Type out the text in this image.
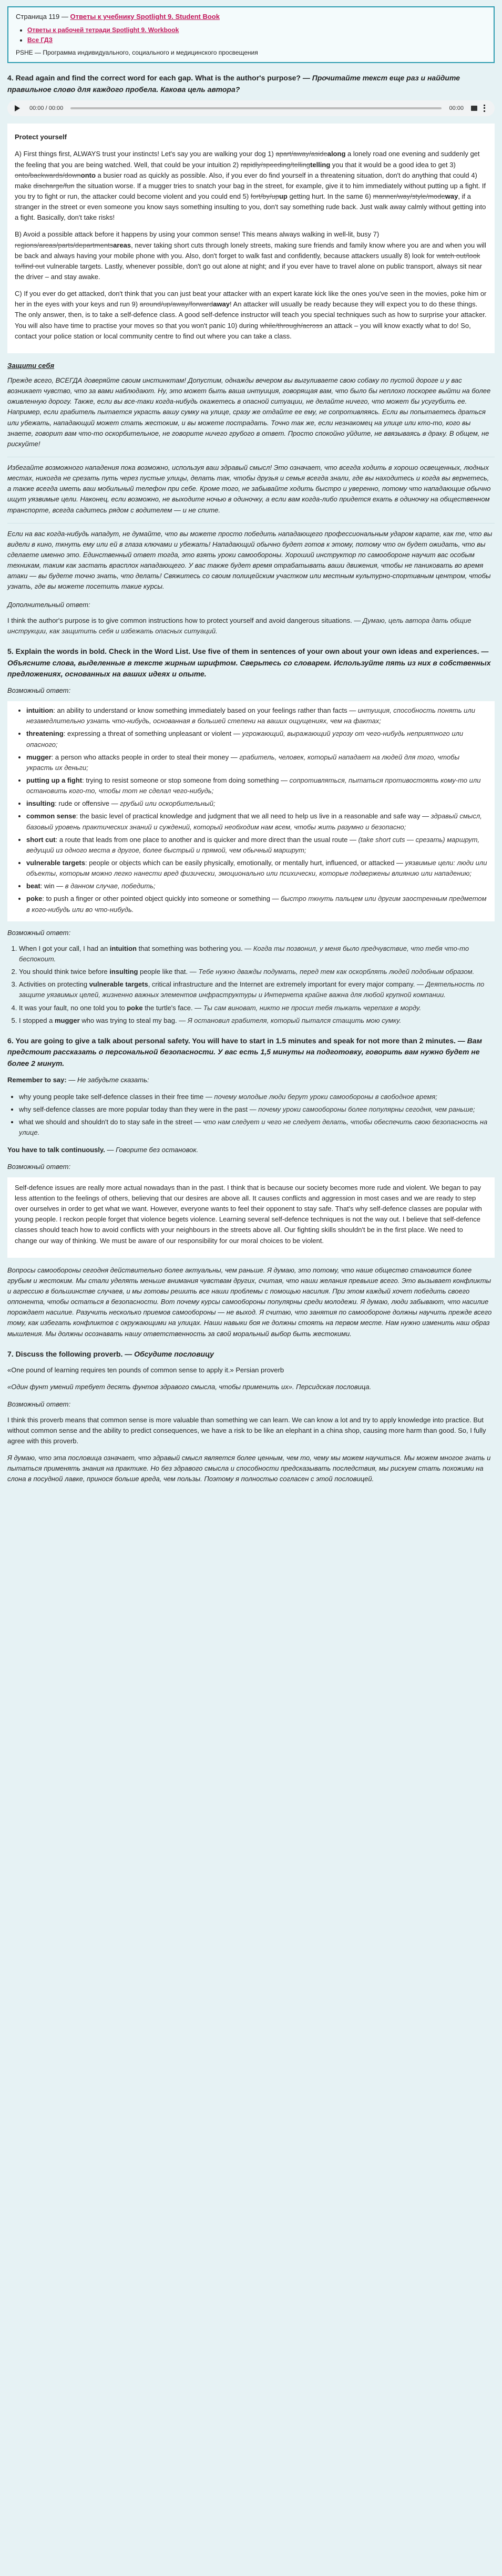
Страница 119 — Ответы к учебнику Spotlight 9. Student Book
• Ответы к рабочей тетради Spotlight 9. Workbook
• Все ГДЗ
PSHE — Программа индивидуального, социального и медицинского просвещения
4. Read again and find the correct word for each gap. What is the author's purpose? — Прочитайте текст еще раз и найдите правильное слово для каждого пробела. Какова цель автора?
00:00 / 00:00	00:00
Protect yourself

A) First things first, ALWAYS trust your instincts! Let's say you are walking your dog 1) apart/away/asidealong a lonely road one evening and suddenly get the feeling that you are being watched. Well, that could be your intuition 2) rapidly/speeding/tellingtelling you that it would be a good idea to get 3) onto/backwards/downonto a busier road as quickly as possible. Also, if you ever do find yourself in a threatening situation, don't do anything that could 4) make discharge/fun the situation worse. If a mugger tries to snatch your bag in the street, for example, give it to him immediately without putting up a fight. If you try to fight or run, the attacker could become violent and you could end 5) fort/by/upup getting hurt. In the same 6) manner/way/style/modeway, if a stranger in the street or even someone you know says something insulting to you, don't say something rude back. Just walk away calmly without getting into a fight. Basically, don't take risks!

B) Avoid a possible attack before it happens by using your common sense! This means always walking in well-lit, busy 7) regions/areas/parts/departmentsareas, never taking short cuts through lonely streets, making sure friends and family know where you are and when you will be back and always having your mobile phone with you. Also, don't forget to walk fast and confidently, because attackers usually 8) look for watch out/look to/find out vulnerable targets. Lastly, whenever possible, don't go out alone at night; and if you ever have to travel alone on public transport, always sit near the driver – and stay awake.

C) If you ever do get attacked, don't think that you can just beat your attacker with an expert karate kick like the ones you've seen in the movies, poke him or her in the eyes with your keys and run 9) around/up/away/forwardaway! An attacker will usually be ready because they will expect you to do these things. The only answer, then, is to take a self-defence class. A good self-defence instructor will teach you special techniques such as how to surprise your attacker. You will also have time to practise your moves so that you won't panic 10) during while/through/across an attack – you will know exactly what to do! So, contact your police station or local community centre to find out where you can take a class.

Защити себя

Прежде всего, ВСЕГДА доверяйте своим инстинктам! Допустим, однажды вечером вы выгуливаете свою собаку по пустой дороге и у вас возникает чувство, что за вами наблюдают. Ну, это может быть ваша интуиция, говорящая вам, что было бы неплохо поскорее выйти на более оживленную дорогу. Также, если вы все-таки когда-нибудь окажетесь в опасной ситуации, не делайте ничего, что может бы усугубить ее. Например, если грабитель пытается украсть вашу сумку на улице, сразу же отдайте ее ему, не сопротивляясь. Если вы попытаетесь драться или убежать, нападающий может стать жестоким, и вы можете пострадать. Точно так же, если незнакомец на улице или кто-то, кого вы знаете, говорит вам что-то оскорбительное, не говорите ничего грубого в ответ. Просто спокойно уйдите, не ввязываясь в драку. В общем, не рискуйте!

Избегайте возможного нападения пока возможно, используя ваш здравый смысл! Это означает, что всегда ходить в хорошо освещенных, людных местах, никогда не срезать путь через пустые улицы, делать так, чтобы друзья и семья всегда знали, где вы находитесь и когда вы вернетесь, а также всегда иметь ваш мобильный телефон при себе. Кроме того, не забывайте ходить быстро и уверенно, потому что нападающие обычно ищут уязвимые цели. Наконец, если возможно, не выходите ночью в одиночку, а если вам когда-либо придется ехать в одиночку на общественном транспорте, всегда садитесь рядом с водителем — и не спите.

Если на вас когда-нибудь нападут, не думайте, что вы можете просто победить нападающего профессиональным ударом карате, как те, что вы видели в кино, ткнуть ему или ей в глаза ключами и убежать! Нападающий обычно будет готов к этому, потому что он будет ожидать, что вы сделаете именно это. Единственный ответ тогда, это взять уроки самообороны. Хороший инструктор по самообороне научит вас особым техникам, таким как застать врасплох нападающего. У вас также будет время отрабатывать ваши движения, чтобы не паниковать во время атаки — вы будете точно знать, что делать! Свяжитесь со своим полицейским участком или местным культурно-спортивным центром, чтобы узнать, где вы можете посетить такие курсы.

Дополнительный ответ:

I think the author's purpose is to give common instructions how to protect yourself and avoid dangerous situations. — Думаю, цель автора дать общие инструкции, как защитить себя и избежать опасных ситуаций.

5. Explain the words in bold. Check in the Word List. Use five of them in sentences of your own about your own ideas and experiences. — Объясните слова, выделенные в тексте жирным шрифтом. Сверьтесь со словарем. Используйте пять из них в собственных предложениях, основанных на ваших идеях и опыте.

Возможный ответ:

• intuition: an ability to understand or know something immediately based on your feelings rather than facts — интуиция, способность понять или незамедлительно узнать что-нибудь, основанная в большей степени на ваших ощущениях, чем на фактах;
• threatening: expressing a threat of something unpleasant or violent — угрожающий, выражающий угрозу от чего-нибудь неприятного или опасного;
• mugger: a person who attacks people in order to steal their money — грабитель, человек, который нападает на людей для того, чтобы украсть их деньги;
• putting up a fight: trying to resist someone or stop someone from doing something — сопротивляться, пытаться противостоять кому-то или остановить кого-то, чтобы тот не сделал чего-нибудь;
• insulting: rude or offensive — грубый или оскорбительный;
• common sense: the basic level of practical knowledge and judgment that we all need to help us live in a reasonable and safe way — здравый смысл, базовый уровень практических знаний и суждений, который необходим нам всем, чтобы жить разумно и безопасно;
• short cut: a route that leads from one place to another and is quicker and more direct than the usual route — (take short cuts — срезать) маршрут, ведущий из одного места в другое, более быстрый и прямой, чем обычный маршрут;
• vulnerable targets: people or objects which can be easily physically, emotionally, or mentally hurt, influenced, or attacked — уязвимые цели: люди или объекты, которым можно легко нанести вред физически, эмоционально или психически, которые подвержены влиянию или нападению;
• beat: win — в данном случае, победить;
• poke: to push a finger or other pointed object quickly into someone or something — быстро ткнуть пальцем или другим заостренным предметом в кого-нибудь или во что-нибудь.

Возможный ответ:

1. When I got your call, I had an intuition that something was bothering you. — Когда ты позвонил, у меня было предчувствие, что тебя что-то беспокоит.
2. You should think twice before insulting people like that. — Тебе нужно дважды подумать, перед тем как оскорблять людей подобным образом.
3. Activities on protecting vulnerable targets, critical infrastructure and the Internet are extremely important for every major company. — Деятельность по защите уязвимых целей, жизненно важных элементов инфраструктуры и Интернета крайне важна для любой крупной компании.
4. It was your fault, no one told you to poke the turtle's face. — Ты сам виноват, никто не просил тебя тыкать черепахе в морду.
5. I stopped a mugger who was trying to steal my bag. — Я остановил грабителя, который пытался стащить мою сумку.
6. You are going to give a talk about personal safety. You will have to start in 1.5 minutes and speak for not more than 2 minutes. — Вам предстоит рассказать о персональной безопасности. У вас есть 1,5 минуты на подготовку, говорить вам нужно будет не более 2 минут.

Remember to say: — Не забудьте сказать:

• why young people take self-defence classes in their free time — почему молодые люди берут уроки самообороны в свободное время;
• why self-defence classes are more popular today than they were in the past — почему уроки самообороны более популярны сегодня, чем раньше;
• what we should and shouldn't do to stay safe in the street — что нам следует и чего не следует делать, чтобы обеспечить свою безопасность на улице.

You have to talk continuously. — Говорите без остановок.

Возможный ответ:

Self-defence issues are really more actual nowadays than in the past. I think that is because our society becomes more rude and violent. We began to pay less attention to the feelings of others, believing that our desires are above all. It causes conflicts and aggression in most cases and we are ready to step over ourselves in order to get what we want. However, everyone wants to feel their opponent to stay safe. That's why self-defence classes are popular with young people. I reckon people forget that violence begets violence. Learning several self-defence techniques is not the way out. I believe that self-defence classes should teach how to avoid conflicts with your neighbours in the streets above all. Our fighting skills shouldn't be in the first place. We need to change our way of thinking. We must be aware of our responsibility for our moral choices to be violent.

Вопросы самообороны сегодня действительно более актуальны, чем раньше. Я думаю, это потому, что наше общество становится более грубым и жестоким. Мы стали уделять меньше внимания чувствам других, считая, что наши желания превыше всего. Это вызывает конфликты и агрессию в большинстве случаев, и мы готовы решить все наши проблемы с помощью насилия. При этом каждый хочет победить своего оппонента, чтобы остаться в безопасности. Вот почему курсы самообороны популярны среди молодежи. Я думаю, люди забывают, что насилие порождает насилие. Разучить несколько приемов самообороны — не выход. Я считаю, что занятия по самообороне должны научить прежде всего тому, как избегать конфликтов с окружающими на улицах. Наши навыки боя не должны стоять на первом месте. Нам нужно изменить наш образ мышления. Мы должны осознавать нашу ответственность за свой моральный выбор быть жестокими.

7. Discuss the following proverb. — Обсудите пословицу

«One pound of learning requires ten pounds of common sense to apply it.» Persian proverb

«Один фунт умений требует десять фунтов здравого смысла, чтобы применить их». Персидская пословица.

Возможный ответ:

I think this proverb means that common sense is more valuable than something we can learn. We can know a lot and try to apply knowledge into practice. But without common sense and the ability to predict consequences, we have a risk to be like an elephant in a china shop, causing more harm than good. So, I fully agree with this proverb.

Я думаю, что эта пословица означает, что здравый смысл является более ценным, чем то, чему мы можем научиться. Мы можем многое знать и пытаться применять знания на практике. Но без здравого смысла и способности предсказывать последствия, мы рискуем стать похожими на слона в посудной лавке, принося больше вреда, чем пользы. Поэтому я полностью согласен с этой пословицей.
